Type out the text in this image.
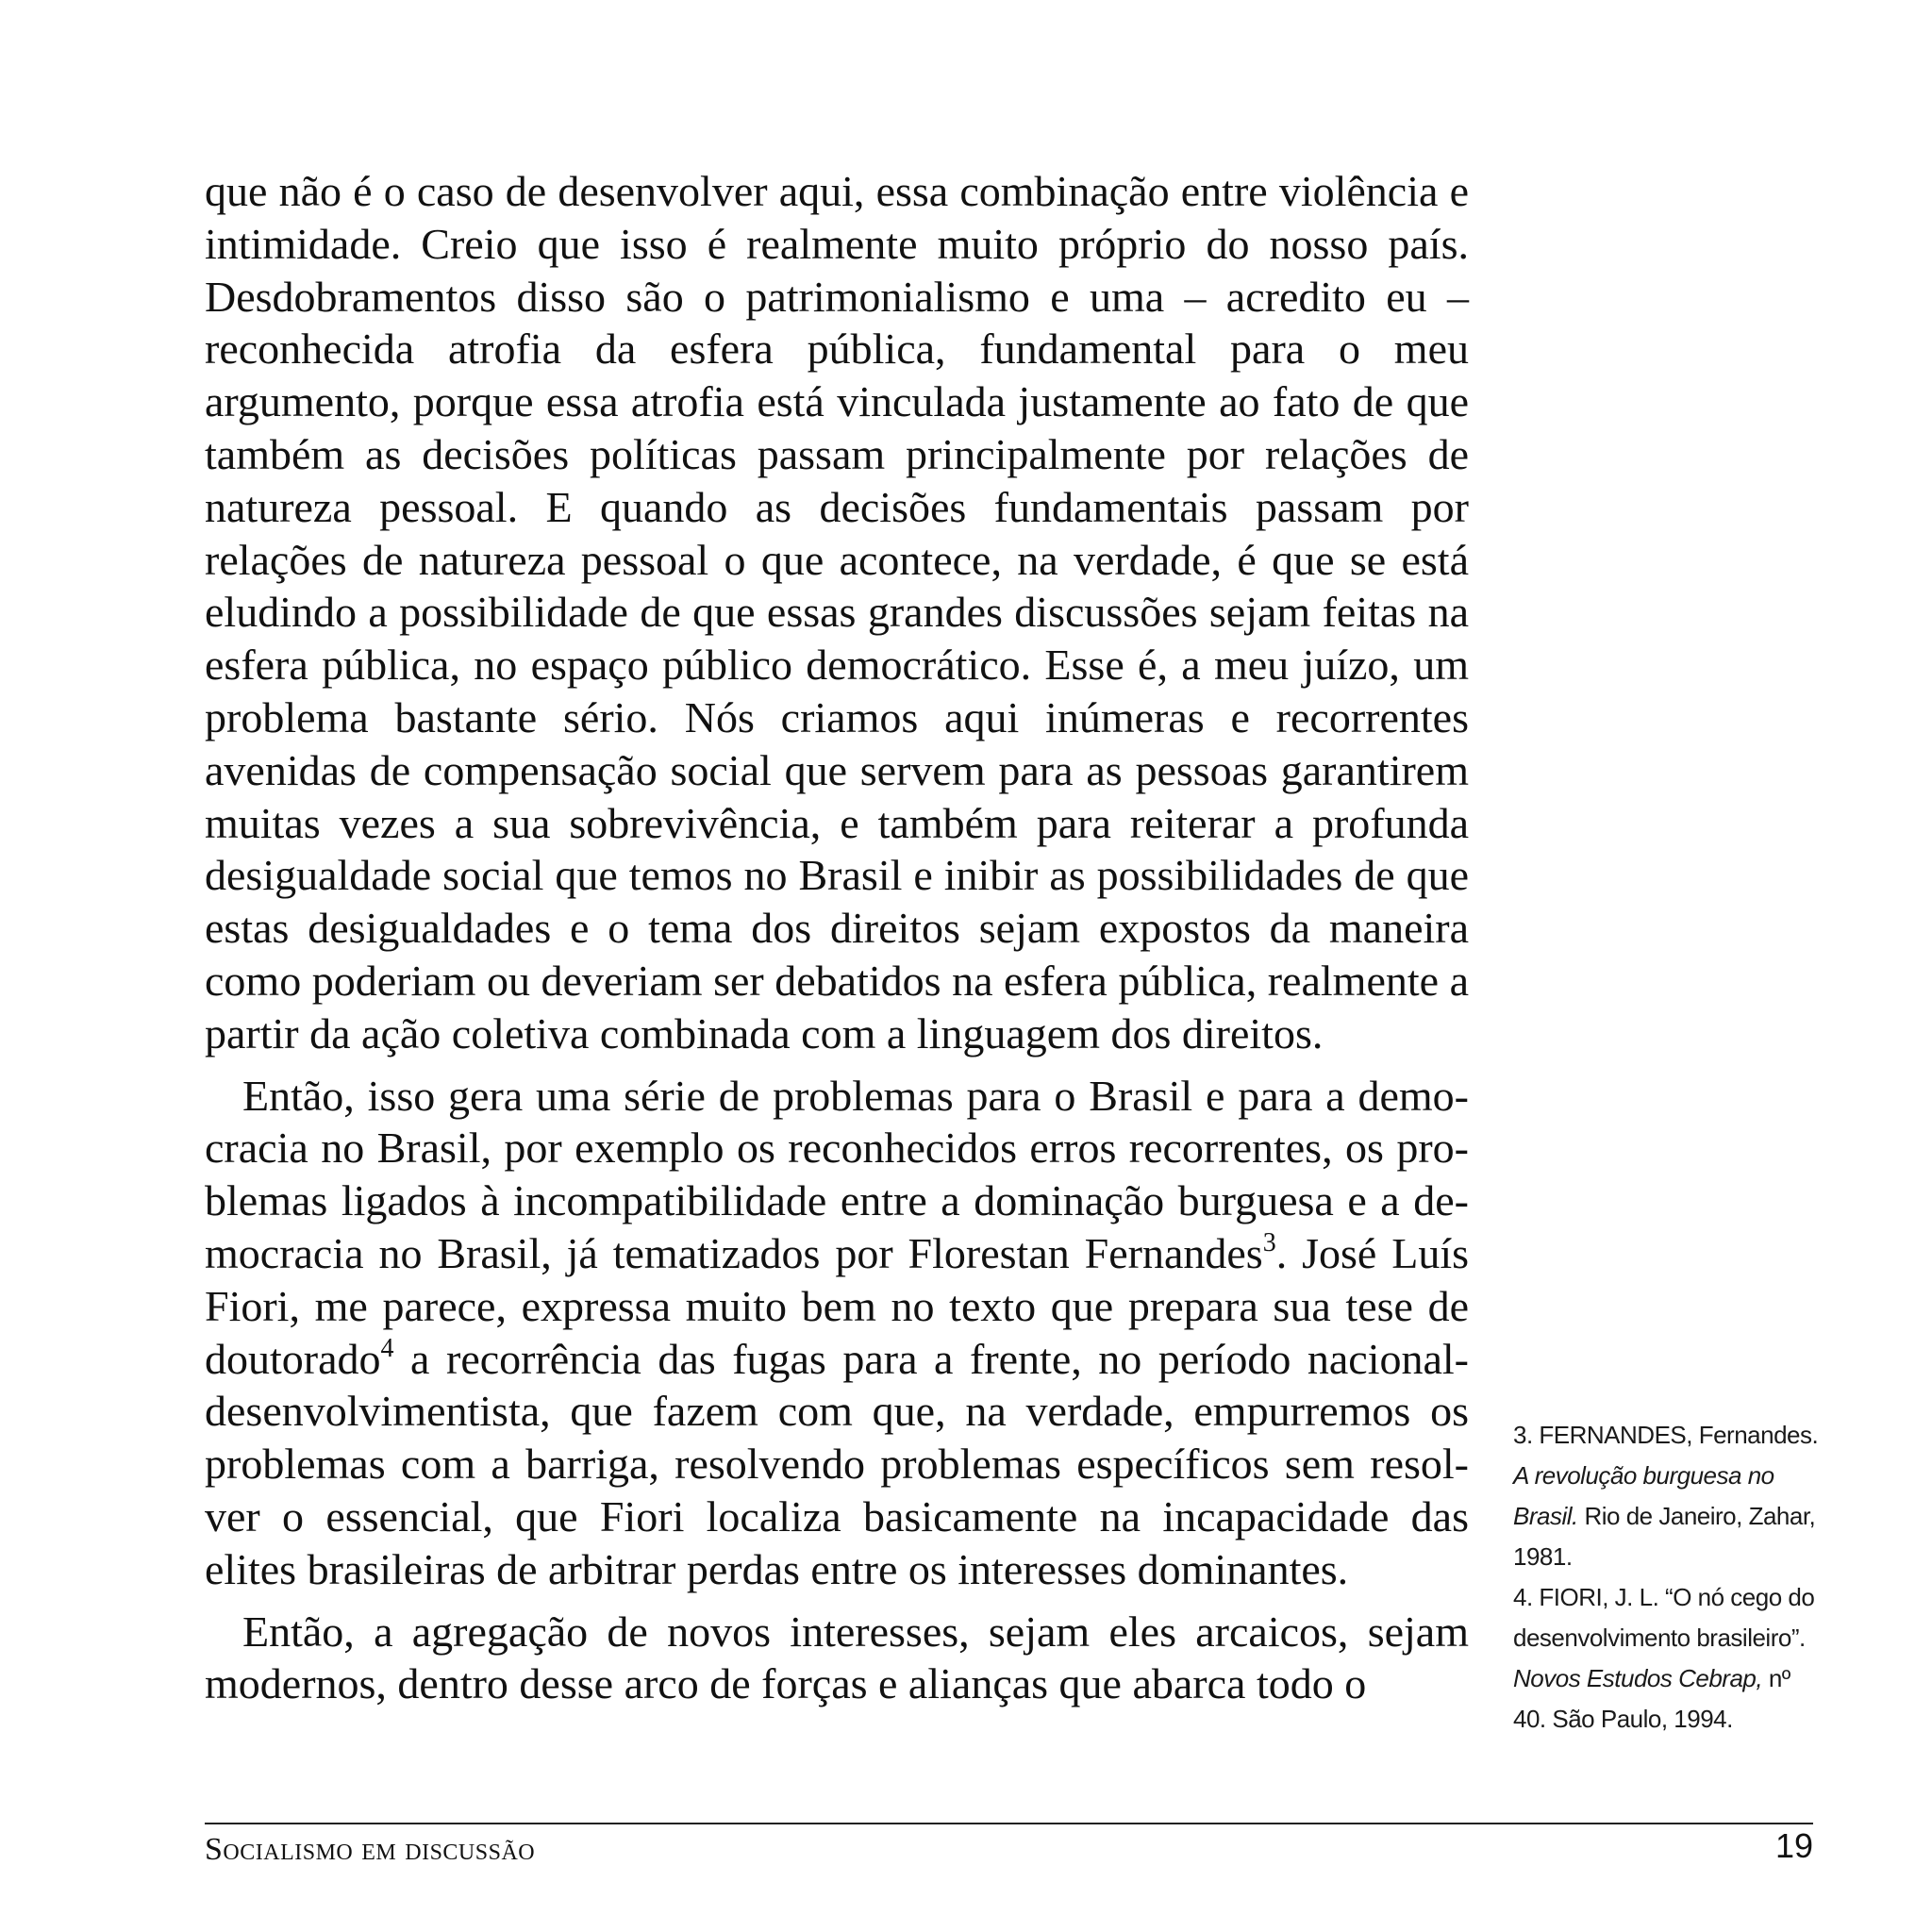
que não é o caso de desenvolver aqui, essa combinação entre violência e intimidade. Creio que isso é realmente muito próprio do nosso país. Desdobramentos disso são o patrimonialismo e uma – acredito eu – reconhecida atrofia da esfera pública, fundamental para o meu argumento, porque essa atrofia está vinculada justamente ao fato de que também as decisões políticas passam principalmente por relações de natureza pessoal. E quando as decisões fundamentais passam por relações de natureza pessoal o que acontece, na verdade, é que se está eludindo a possibilidade de que essas grandes discussões sejam feitas na esfera pública, no espaço público democrático. Esse é, a meu juízo, um problema bastante sério. Nós criamos aqui inúmeras e recorrentes avenidas de compensação social que servem para as pessoas garantirem muitas vezes a sua sobrevivência, e também para reiterar a profunda desigualdade social que temos no Brasil e inibir as possibilidades de que estas desigualdades e o tema dos direitos sejam expostos da maneira como poderiam ou deveriam ser debatidos na esfera pública, realmente a partir da ação coletiva combinada com a linguagem dos direitos.

Então, isso gera uma série de problemas para o Brasil e para a democracia no Brasil, por exemplo os reconhecidos erros recorrentes, os problemas ligados à incompatibilidade entre a dominação burguesa e a democracia no Brasil, já tematizados por Florestan Fernandes$^3$. José Luís Fiori, me parece, expressa muito bem no texto que prepara sua tese de doutorado$^4$ a recorrência das fugas para a frente, no período nacional-desenvolvimentista, que fazem com que, na verdade, empurremos os problemas com a barriga, resolvendo problemas específicos sem resolver o essencial, que Fiori localiza basicamente na incapacidade das elites brasileiras de arbitrar perdas entre os interesses dominantes.

Então, a agregação de novos interesses, sejam eles arcaicos, sejam modernos, dentro desse arco de forças e alianças que abarca todo o

3. FERNANDES, Fernandes. A revolução burguesa no Brasil. Rio de Janeiro, Zahar, 1981.
4. FIORI, J. L. “O nó cego do desenvolvimento brasileiro”. Novos Estudos Cebrap, nº 40. São Paulo, 1994.
Socialismo em discussão	19
